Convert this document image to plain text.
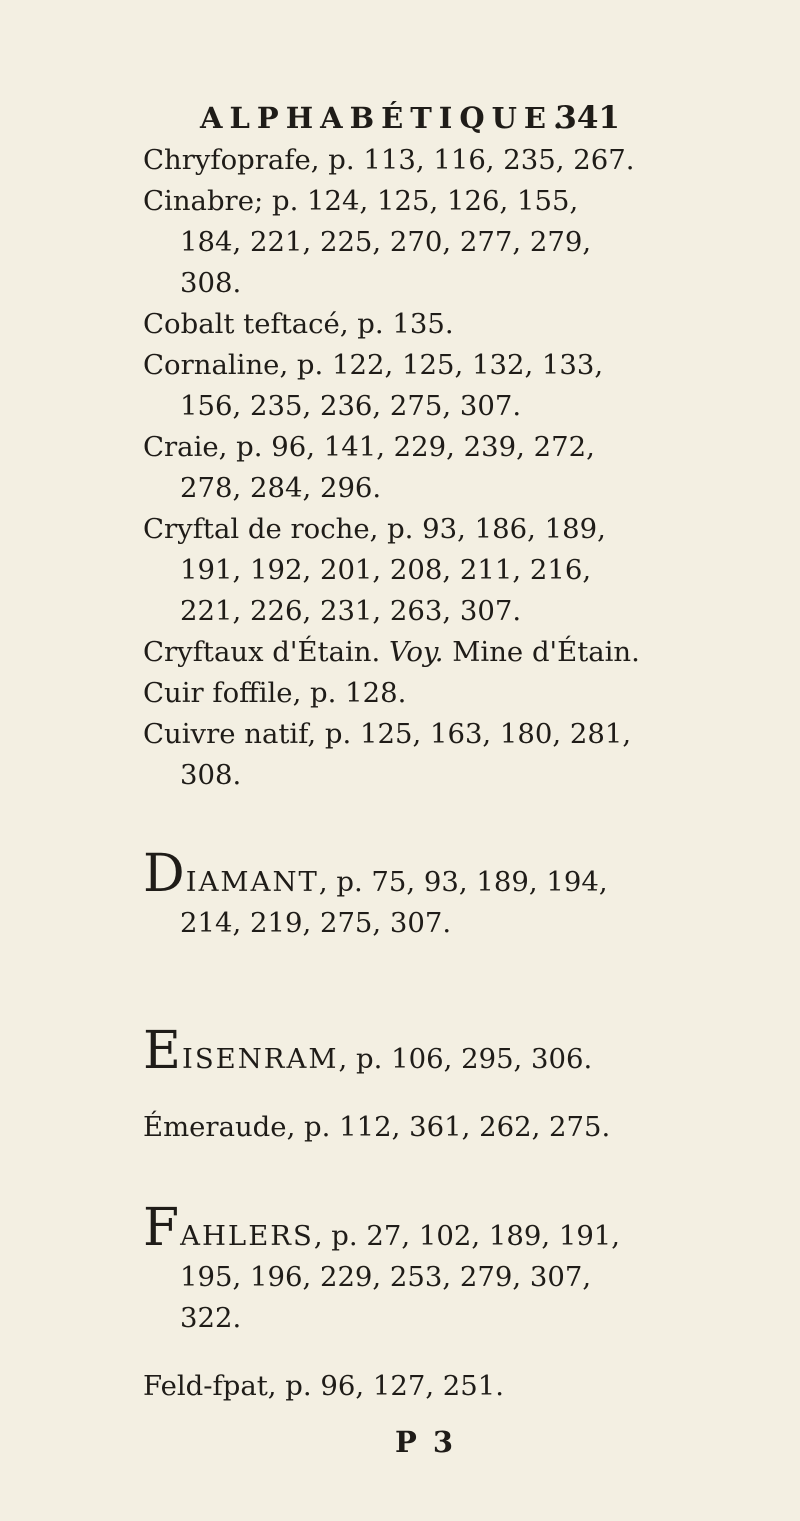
ALPHABÉTIQUE.
341

Chryfoprafe, p. 113, 116, 235, 267.

Cinabre; p. 124, 125, 126, 155, 184, 221, 225, 270, 277, 279, 308.

Cobalt teftacé, p. 135.

Cornaline, p. 122, 125, 132, 133, 156, 235, 236, 275, 307.

Craie, p. 96, 141, 229, 239, 272, 278, 284, 296.

Cryftal de roche, p. 93, 186, 189, 191, 192, 201, 208, 211, 216, 221, 226, 231, 263, 307.

Cryftaux d'Étain. Voy. Mine d'Étain.

Cuir foffile, p. 128.

Cuivre natif, p. 125, 163, 180, 281, 308.

DIAMANT, p. 75, 93, 189, 194, 214, 219, 275, 307.

EISENRAM, p. 106, 295, 306.

Émeraude, p. 112, 361, 262, 275.

FAHLERS, p. 27, 102, 189, 191, 195, 196, 229, 253, 279, 307, 322.

Feld-fpat, p. 96, 127, 251.

P 3
